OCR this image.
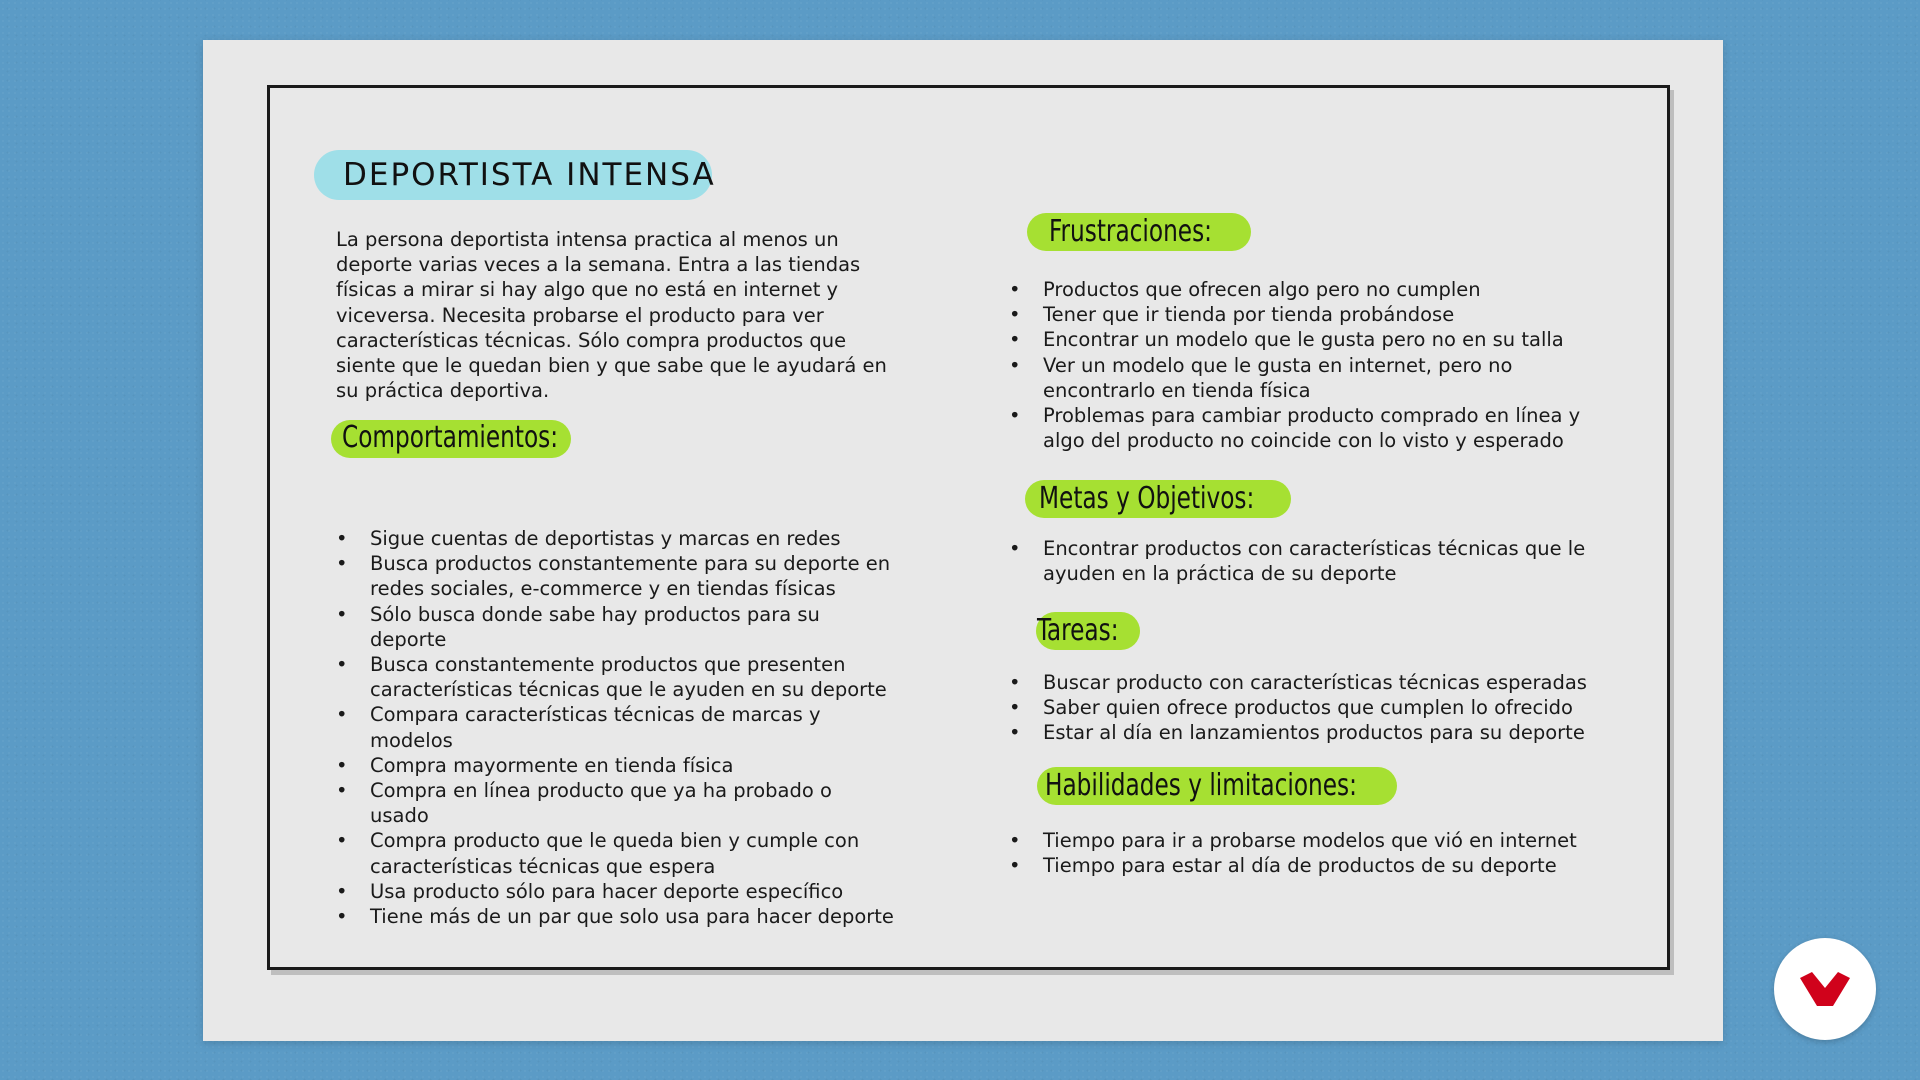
DEPORTISTA INTENSA
La persona deportista intensa practica al menos un deporte varias veces a la semana. Entra a las tiendas físicas a mirar si hay algo que no está en internet y viceversa. Necesita probarse el producto para ver características técnicas. Sólo compra productos que siente que le quedan bien y que sabe que le ayudará en su práctica deportiva.
Comportamientos:
• Sigue cuentas de deportistas y marcas en redes
• Busca productos constantemente para su deporte en redes sociales, e-commerce y en tiendas físicas
• Sólo busca donde sabe hay productos para su deporte
• Busca constantemente productos que presenten características técnicas que le ayuden en su deporte
• Compara características técnicas de marcas y modelos
• Compra mayormente en tienda física
• Compra en línea producto que ya ha probado o usado
• Compra producto que le queda bien y cumple con características técnicas que espera
• Usa producto sólo para hacer deporte específico
• Tiene más de un par que solo usa para hacer deporte
Frustraciones:
• Productos que ofrecen algo pero no cumplen
• Tener que ir tienda por tienda probándose
• Encontrar un modelo que le gusta pero no en su talla
• Ver un modelo que le gusta en internet, pero no encontrarlo en tienda física
• Problemas para cambiar producto comprado en línea y algo del producto no coincide con lo visto y esperado
Metas y Objetivos:
• Encontrar productos con características técnicas que le ayuden en la práctica de su deporte
Tareas:
• Buscar producto con características técnicas esperadas
• Saber quien ofrece productos que cumplen lo ofrecido
• Estar al día en lanzamientos productos para su deporte
Habilidades y limitaciones:
• Tiempo para ir a probarse modelos que vió en internet
• Tiempo para estar al día de productos de su deporte
